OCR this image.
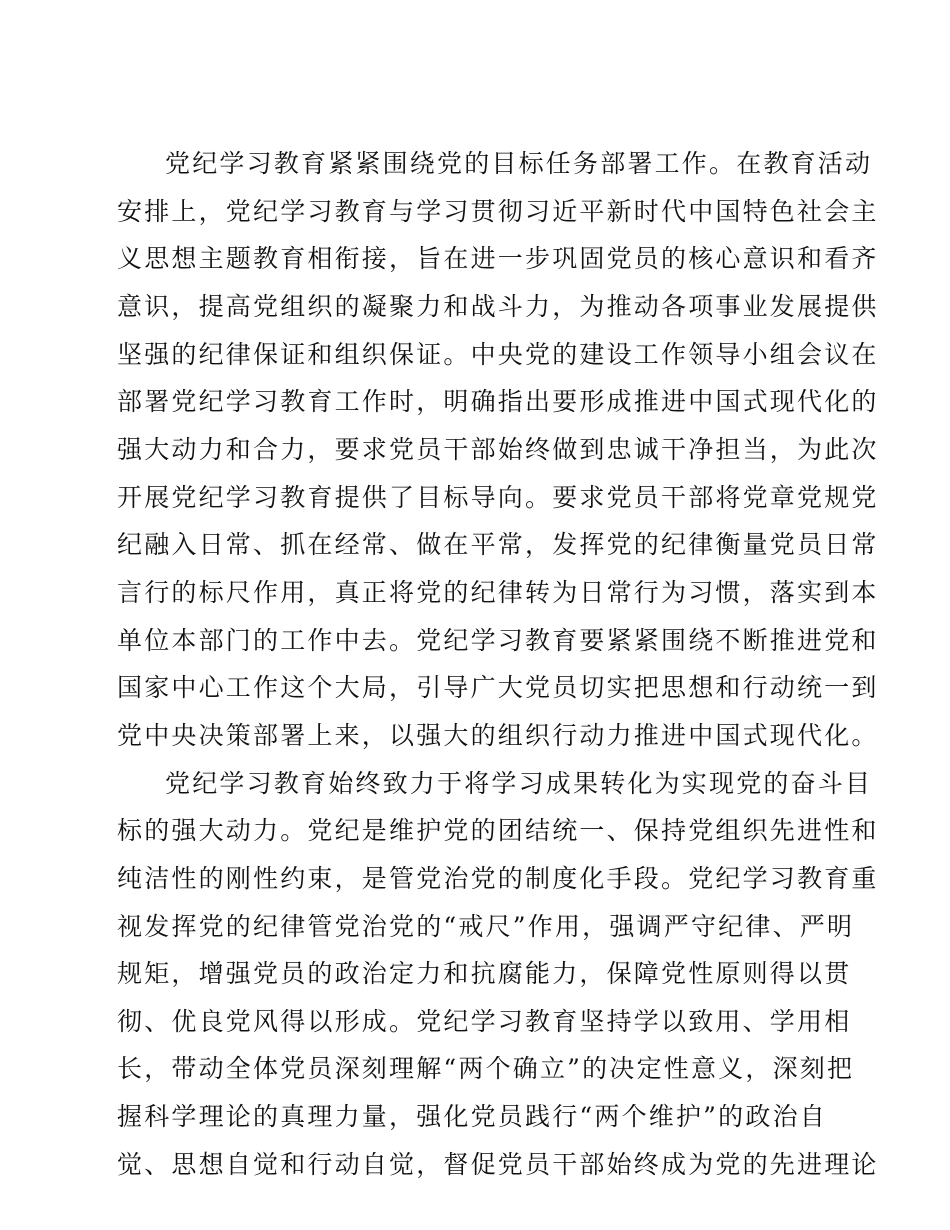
党纪学习教育紧紧围绕党的目标任务部署工作。在教育活动
安排上，党纪学习教育与学习贯彻习近平新时代中国特色社会主
义思想主题教育相衔接，旨在进一步巩固党员的核心意识和看齐
意识，提高党组织的凝聚力和战斗力，为推动各项事业发展提供
坚强的纪律保证和组织保证。中央党的建设工作领导小组会议在
部署党纪学习教育工作时，明确指出要形成推进中国式现代化的
强大动力和合力，要求党员干部始终做到忠诚干净担当，为此次
开展党纪学习教育提供了目标导向。要求党员干部将党章党规党
纪融入日常、抓在经常、做在平常，发挥党的纪律衡量党员日常
言行的标尺作用，真正将党的纪律转为日常行为习惯，落实到本
单位本部门的工作中去。党纪学习教育要紧紧围绕不断推进党和
国家中心工作这个大局，引导广大党员切实把思想和行动统一到
党中央决策部署上来，以强大的组织行动力推进中国式现代化。
党纪学习教育始终致力于将学习成果转化为实现党的奋斗目
标的强大动力。党纪是维护党的团结统一、保持党组织先进性和
纯洁性的刚性约束，是管党治党的制度化手段。党纪学习教育重
视发挥党的纪律管党治党的“戒尺”作用，强调严守纪律、严明
规矩，增强党员的政治定力和抗腐能力，保障党性原则得以贯
彻、优良党风得以形成。党纪学习教育坚持学以致用、学用相
长，带动全体党员深刻理解“两个确立”的决定性意义，深刻把
握科学理论的真理力量，强化党员践行“两个维护”的政治自
觉、思想自觉和行动自觉，督促党员干部始终成为党的先进理论
